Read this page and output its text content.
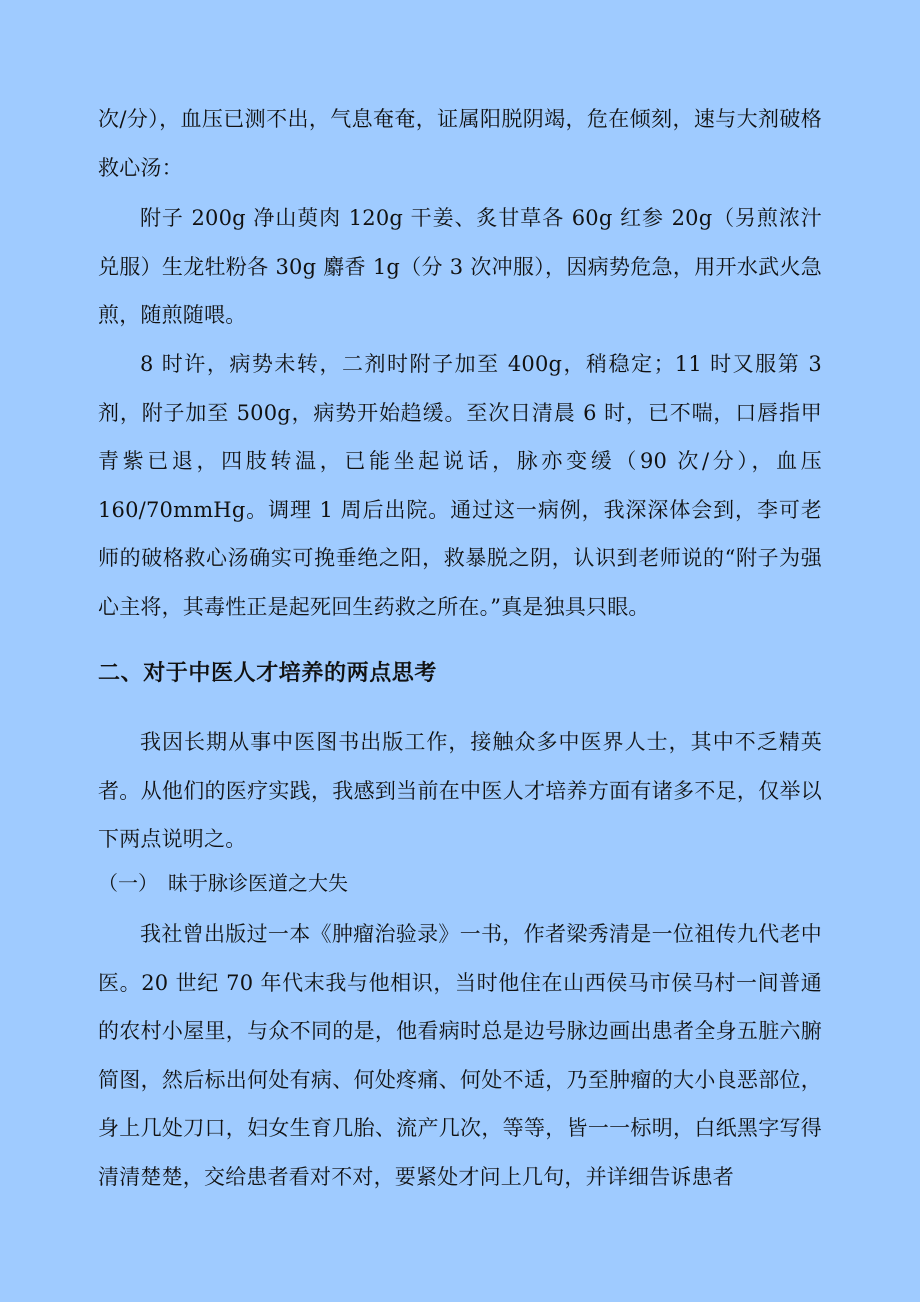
次/分），血压已测不出，气息奄奄，证属阳脱阴竭，危在倾刻，速与大剂破格救心汤：
附子 200g 净山萸肉 120g 干姜、炙甘草各 60g 红参 20g（另煎浓汁兑服）生龙牡粉各 30g 麝香 1g（分 3 次冲服），因病势危急，用开水武火急煎，随煎随喂。
8 时许，病势未转，二剂时附子加至 400g，稍稳定；11 时又服第 3 剂，附子加至 500g，病势开始趋缓。至次日清晨 6 时，已不喘，口唇指甲青紫已退，四肢转温，已能坐起说话，脉亦变缓（90 次/分），血压 160/70mmHg。调理 1 周后出院。通过这一病例，我深深体会到，李可老师的破格救心汤确实可挽垂绝之阳，救暴脱之阴，认识到老师说的“附子为强心主将，其毒性正是起死回生药救之所在。”真是独具只眼。
二、对于中医人才培养的两点思考
我因长期从事中医图书出版工作，接触众多中医界人士，其中不乏精英者。从他们的医疗实践，我感到当前在中医人才培养方面有诸多不足，仅举以下两点说明之。
（一）　昧于脉诊医道之大失
我社曾出版过一本《肿瘤治验录》一书，作者梁秀清是一位祖传九代老中医。20 世纪 70 年代末我与他相识，当时他住在山西侯马市侯马村一间普通的农村小屋里，与众不同的是，他看病时总是边号脉边画出患者全身五脏六腑简图，然后标出何处有病、何处疼痛、何处不适，乃至肿瘤的大小良恶部位，身上几处刀口，妇女生育几胎、流产几次，等等，皆一一标明，白纸黑字写得清清楚楚，交给患者看对不对，要紧处才问上几句，并详细告诉患者
